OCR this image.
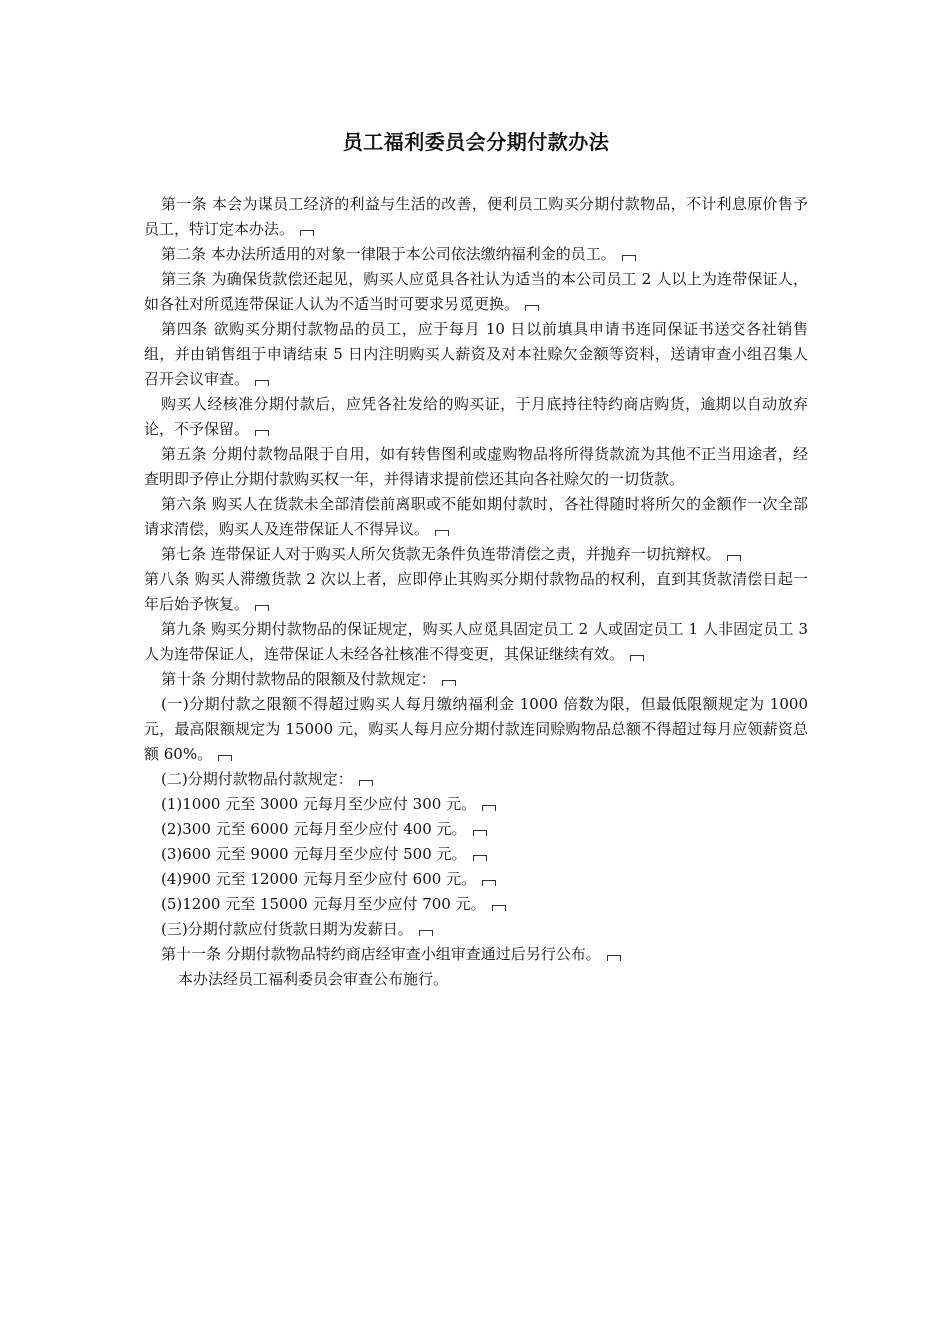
员工福利委员会分期付款办法

第一条 本会为谋员工经济的利益与生活的改善，便利员工购买分期付款物品，不计利息原价售予员工，特订定本办法。

第二条 本办法所适用的对象一律限于本公司依法缴纳福利金的员工。

第三条 为确保货款偿还起见，购买人应觅具各社认为适当的本公司员工 2 人以上为连带保证人，如各社对所觅连带保证人认为不适当时可要求另觅更换。

第四条 欲购买分期付款物品的员工，应于每月 10 日以前填具申请书连同保证书送交各社销售组，并由销售组于申请结束 5 日内注明购买人薪资及对本社赊欠金额等资料，送请审查小组召集人召开会议审查。

购买人经核准分期付款后，应凭各社发给的购买证，于月底持往特约商店购货，逾期以自动放弃论，不予保留。

第五条 分期付款物品限于自用，如有转售图利或虚购物品将所得货款流为其他不正当用途者，经查明即予停止分期付款购买权一年，并得请求提前偿还其向各社赊欠的一切货款。

第六条 购买人在货款未全部清偿前离职或不能如期付款时，各社得随时将所欠的金额作一次全部请求清偿，购买人及连带保证人不得异议。

第七条 连带保证人对于购买人所欠货款无条件负连带清偿之责，并抛弃一切抗辩权。

第八条 购买人滞缴货款 2 次以上者，应即停止其购买分期付款物品的权利，直到其货款清偿日起一年后始予恢复。

第九条 购买分期付款物品的保证规定，购买人应觅具固定员工 2 人或固定员工 1 人非固定员工 3 人为连带保证人，连带保证人未经各社核准不得变更，其保证继续有效。

第十条 分期付款物品的限额及付款规定：

(一)分期付款之限额不得超过购买人每月缴纳福利金 1000 倍数为限，但最低限额规定为 1000 元，最高限额规定为 15000 元，购买人每月应分期付款连同赊购物品总额不得超过每月应领薪资总额 60%。

(二)分期付款物品付款规定：

(1)1000 元至 3000 元每月至少应付 300 元。

(2)300 元至 6000 元每月至少应付 400 元。

(3)600 元至 9000 元每月至少应付 500 元。

(4)900 元至 12000 元每月至少应付 600 元。

(5)1200 元至 15000 元每月至少应付 700 元。

(三)分期付款应付货款日期为发薪日。

第十一条 分期付款物品特约商店经审查小组审查通过后另行公布。

本办法经员工福利委员会审查公布施行。
